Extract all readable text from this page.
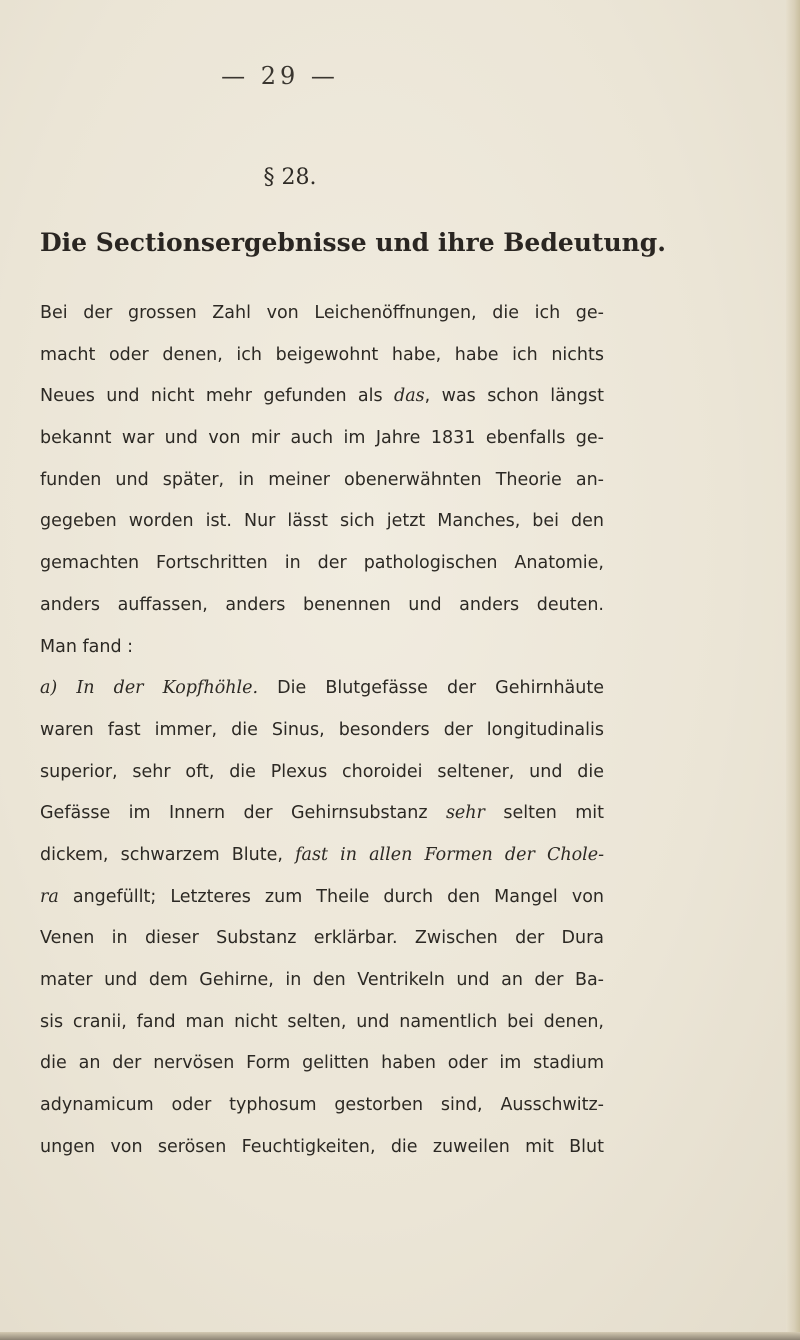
— 29 —
§ 28.
Die Sectionsergebnisse und ihre Bedeutung.
Bei der grossen Zahl von Leichenöffnungen, die ich ge-
macht oder denen, ich beigewohnt habe, habe ich nichts
Neues und nicht mehr gefunden als das, was schon längst
bekannt war und von mir auch im Jahre 1831 ebenfalls ge-
funden und später, in meiner obenerwähnten Theorie an-
gegeben worden ist. Nur lässt sich jetzt Manches, bei den
gemachten Fortschritten in der pathologischen Anatomie,
anders auffassen, anders benennen und anders deuten.
Man fand :
a) In der Kopfhöhle. Die Blutgefässe der Gehirnhäute
waren fast immer, die Sinus, besonders der longitudinalis
superior, sehr oft, die Plexus choroidei seltener, und die
Gefässe im Innern der Gehirnsubstanz sehr selten mit
dickem, schwarzem Blute, fast in allen Formen der Chole-
ra angefüllt; Letzteres zum Theile durch den Mangel von
Venen in dieser Substanz erklärbar. Zwischen der Dura
mater und dem Gehirne, in den Ventrikeln und an der Ba-
sis cranii, fand man nicht selten, und namentlich bei denen,
die an der nervösen Form gelitten haben oder im stadium
adynamicum oder typhosum gestorben sind, Ausschwitz-
ungen von serösen Feuchtigkeiten, die zuweilen mit Blut
